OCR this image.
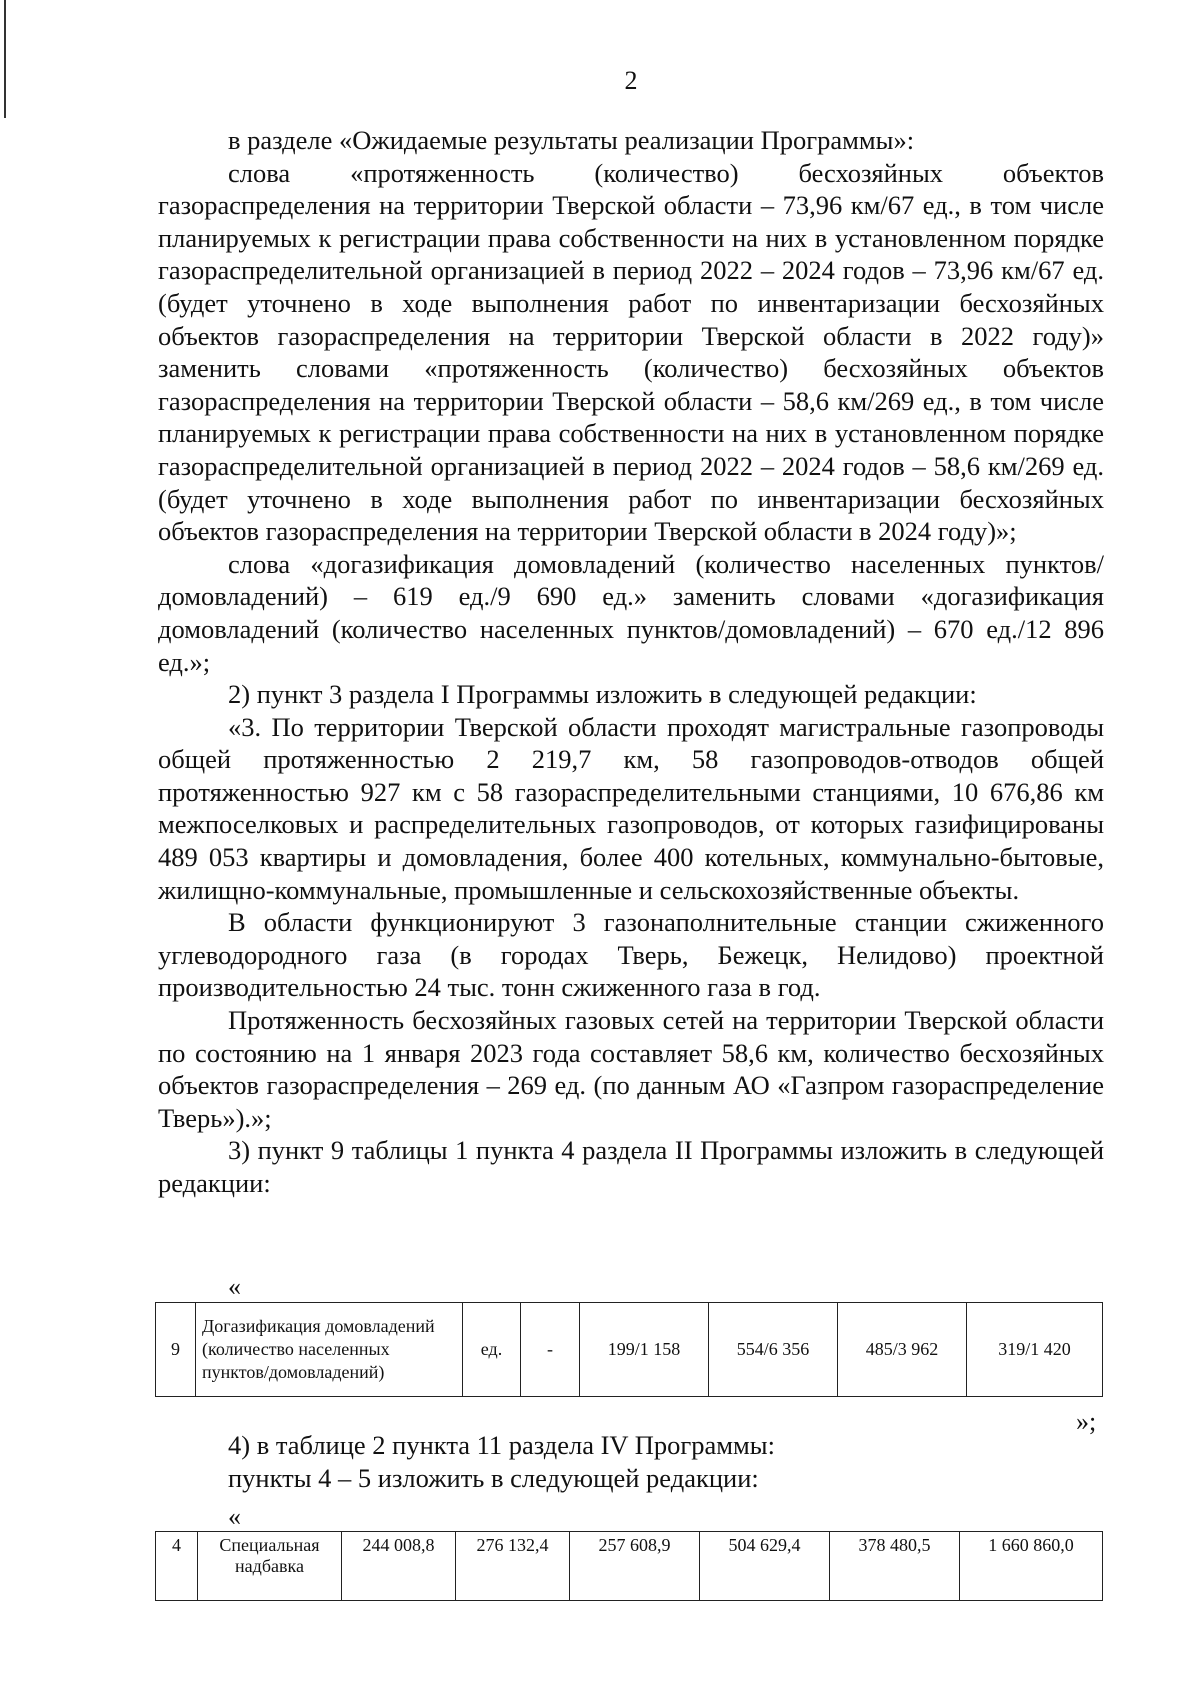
2

в разделе «Ожидаемые результаты реализации Программы»:

слова «протяженность (количество) бесхозяйных объектов газораспределения на территории Тверской области – 73,96 км/67 ед., в том числе планируемых к регистрации права собственности на них в установленном порядке газораспределительной организацией в период 2022 – 2024 годов – 73,96 км/67 ед. (будет уточнено в ходе выполнения работ по инвентаризации бесхозяйных объектов газораспределения на территории Тверской области в 2022 году)» заменить словами «протяженность (количество) бесхозяйных объектов газораспределения на территории Тверской области – 58,6 км/269 ед., в том числе планируемых к регистрации права собственности на них в установленном порядке газораспределительной организацией в период 2022 – 2024 годов – 58,6 км/269 ед. (будет уточнено в ходе выполнения работ по инвентаризации бесхозяйных объектов газораспределения на территории Тверской области в 2024 году)»;

слова «догазификация домовладений (количество населенных пунктов/домовладений) – 619 ед./9 690 ед.» заменить словами «догазификация домовладений (количество населенных пунктов/домовладений) – 670 ед./12 896 ед.»;

2) пункт 3 раздела I Программы изложить в следующей редакции:

«3. По территории Тверской области проходят магистральные газопроводы общей протяженностью 2 219,7 км, 58 газопроводов-отводов общей протяженностью 927 км с 58 газораспределительными станциями, 10 676,86 км межпоселковых и распределительных газопроводов, от которых газифицированы 489 053 квартиры и домовладения, более 400 котельных, коммунально-бытовые, жилищно-коммунальные, промышленные и сельскохозяйственные объекты.

В области функционируют 3 газонаполнительные станции сжиженного углеводородного газа (в городах Тверь, Бежецк, Нелидово) проектной производительностью 24 тыс. тонн сжиженного газа в год.

Протяженность бесхозяйных газовых сетей на территории Тверской области по состоянию на 1 января 2023 года составляет 58,6 км, количество бесхозяйных объектов газораспределения – 269 ед. (по данным АО «Газпром газораспределение Тверь»).»;

3) пункт 9 таблицы 1 пункта 4 раздела II Программы изложить в следующей редакции:

«
9	Догазификация домовладений (количество населенных пунктов/домовладений)	ед.	-	199/1 158	554/6 356	485/3 962	319/1 420
»;

4) в таблице 2 пункта 11 раздела IV Программы:

пункты 4 – 5 изложить в следующей редакции:

«
4	Специальная надбавка	244 008,8	276 132,4	257 608,9	504 629,4	378 480,5	1 660 860,0
